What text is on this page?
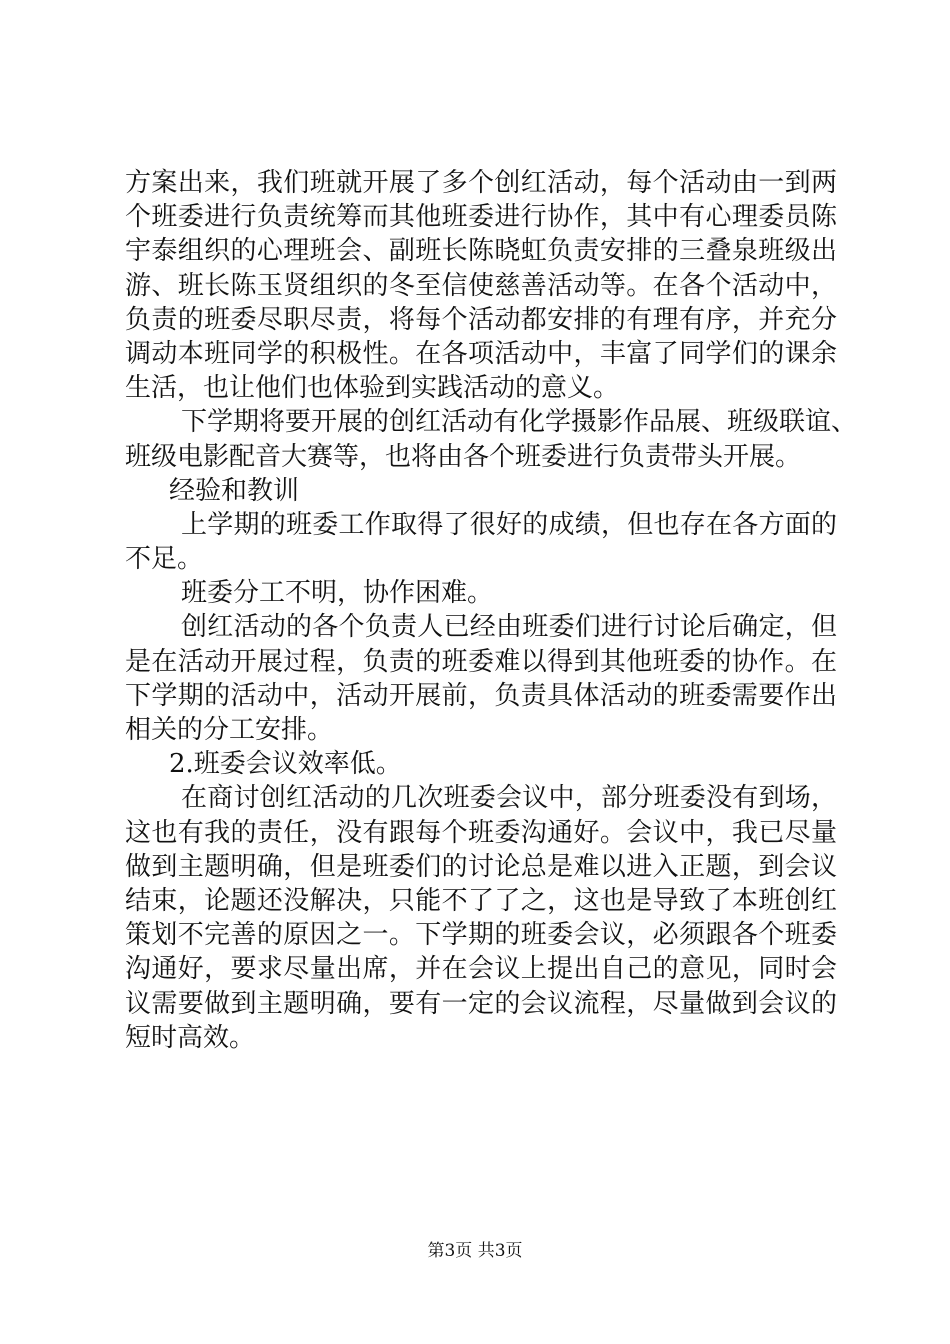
方案出来，我们班就开展了多个创红活动，每个活动由一到两
个班委进行负责统筹而其他班委进行协作，其中有心理委员陈
宇泰组织的心理班会、副班长陈晓虹负责安排的三叠泉班级出
游、班长陈玉贤组织的冬至信使慈善活动等。在各个活动中，
负责的班委尽职尽责，将每个活动都安排的有理有序，并充分
调动本班同学的积极性。在各项活动中，丰富了同学们的课余
生活，也让他们也体验到实践活动的意义。
下学期将要开展的创红活动有化学摄影作品展、班级联谊、
班级电影配音大赛等，也将由各个班委进行负责带头开展。
经验和教训
上学期的班委工作取得了很好的成绩，但也存在各方面的
不足。
班委分工不明，协作困难。
创红活动的各个负责人已经由班委们进行讨论后确定，但
是在活动开展过程，负责的班委难以得到其他班委的协作。在
下学期的活动中，活动开展前，负责具体活动的班委需要作出
相关的分工安排。
2.班委会议效率低。
在商讨创红活动的几次班委会议中，部分班委没有到场，
这也有我的责任，没有跟每个班委沟通好。会议中，我已尽量
做到主题明确，但是班委们的讨论总是难以进入正题，到会议
结束，论题还没解决，只能不了了之，这也是导致了本班创红
策划不完善的原因之一。下学期的班委会议，必须跟各个班委
沟通好，要求尽量出席，并在会议上提出自己的意见，同时会
议需要做到主题明确，要有一定的会议流程，尽量做到会议的
短时高效。
第3页 共3页
